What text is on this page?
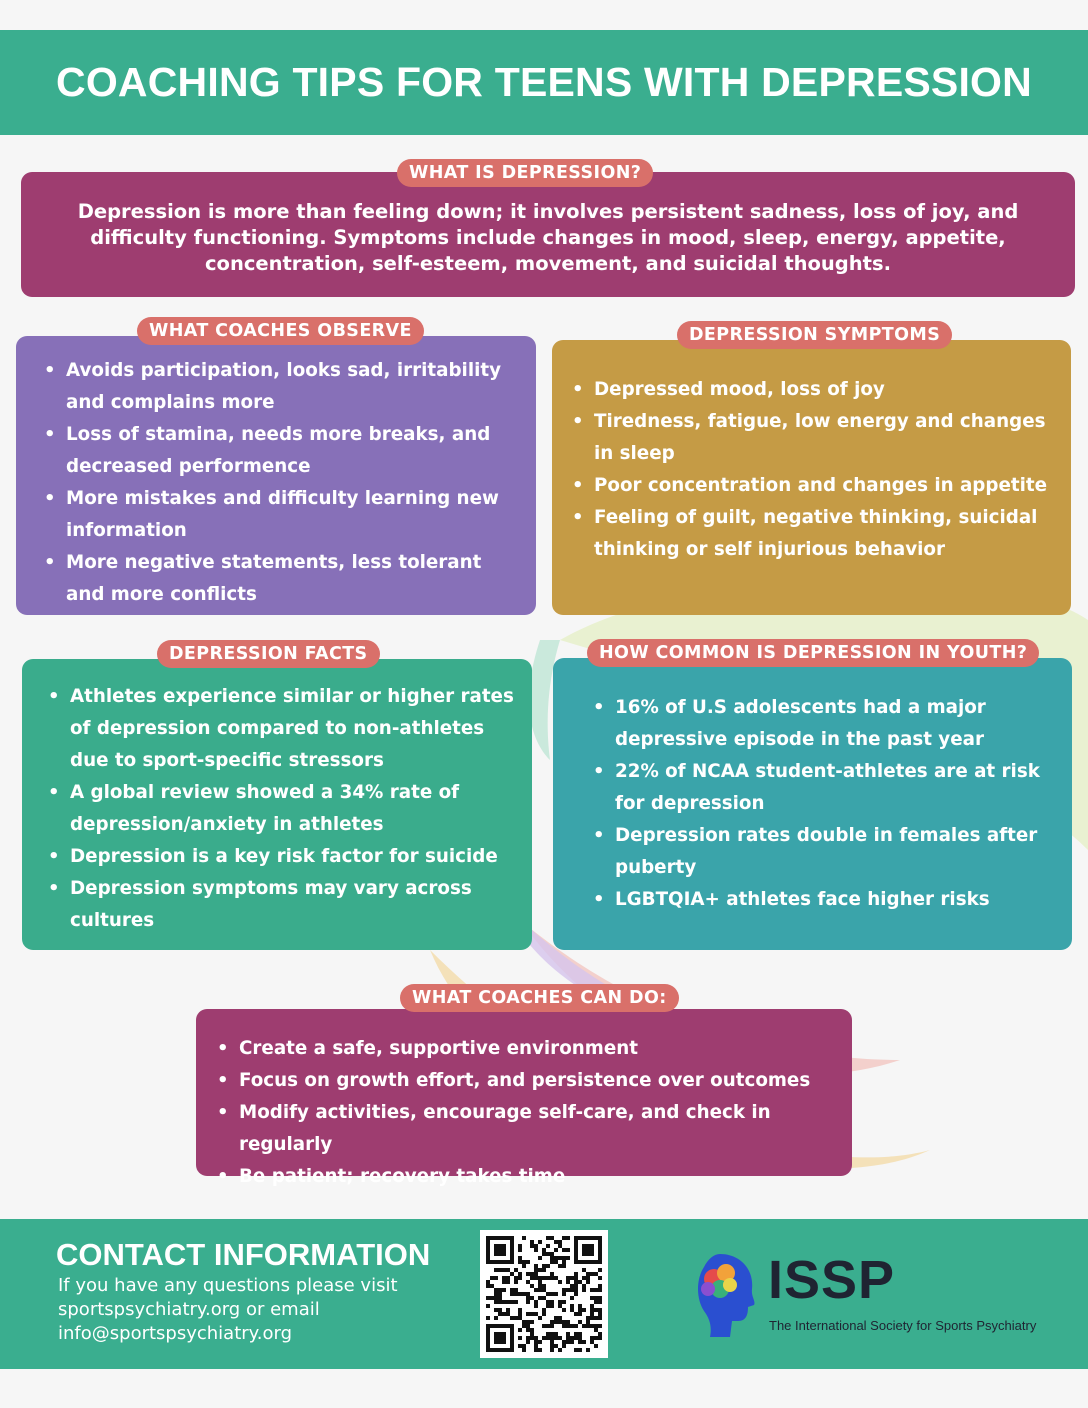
COACHING TIPS FOR TEENS WITH DEPRESSION

Depression is more than feeling down; it involves persistent sadness, loss of joy, and difficulty functioning. Symptoms include changes in mood, sleep, energy, appetite, concentration, self-esteem, movement, and suicidal thoughts.

WHAT IS DEPRESSION?
• Avoids participation, looks sad, irritability and complains more
• Loss of stamina, needs more breaks, and decreased performence
• More mistakes and difficulty learning new information
• More negative statements, less tolerant and more conflicts
WHAT COACHES OBSERVE
• Depressed mood, loss of joy
• Tiredness, fatigue, low energy and changes in sleep
• Poor concentration and changes in appetite
• Feeling of guilt, negative thinking, suicidal thinking or self injurious behavior
DEPRESSION SYMPTOMS
• Athletes experience similar or higher rates of depression compared to non-athletes due to sport-specific stressors
• A global review showed a 34% rate of depression/anxiety in athletes
• Depression is a key risk factor for suicide
• Depression symptoms may vary across cultures
DEPRESSION FACTS
• 16% of U.S adolescents had a major depressive episode in the past year
• 22% of NCAA student-athletes are at risk for depression
• Depression rates double in females after puberty
• LGBTQIA+ athletes face higher risks
HOW COMMON IS DEPRESSION IN YOUTH?
• Create a safe, supportive environment
• Focus on growth effort, and persistence over outcomes
• Modify activities, encourage self-care, and check in regularly
• Be patient; recovery takes time
WHAT COACHES CAN DO:
CONTACT INFORMATION
If you have any questions please visit
sportspsychiatry.org or email
info@sportspsychiatry.org
ISSP
The International Society for Sports Psychiatry
